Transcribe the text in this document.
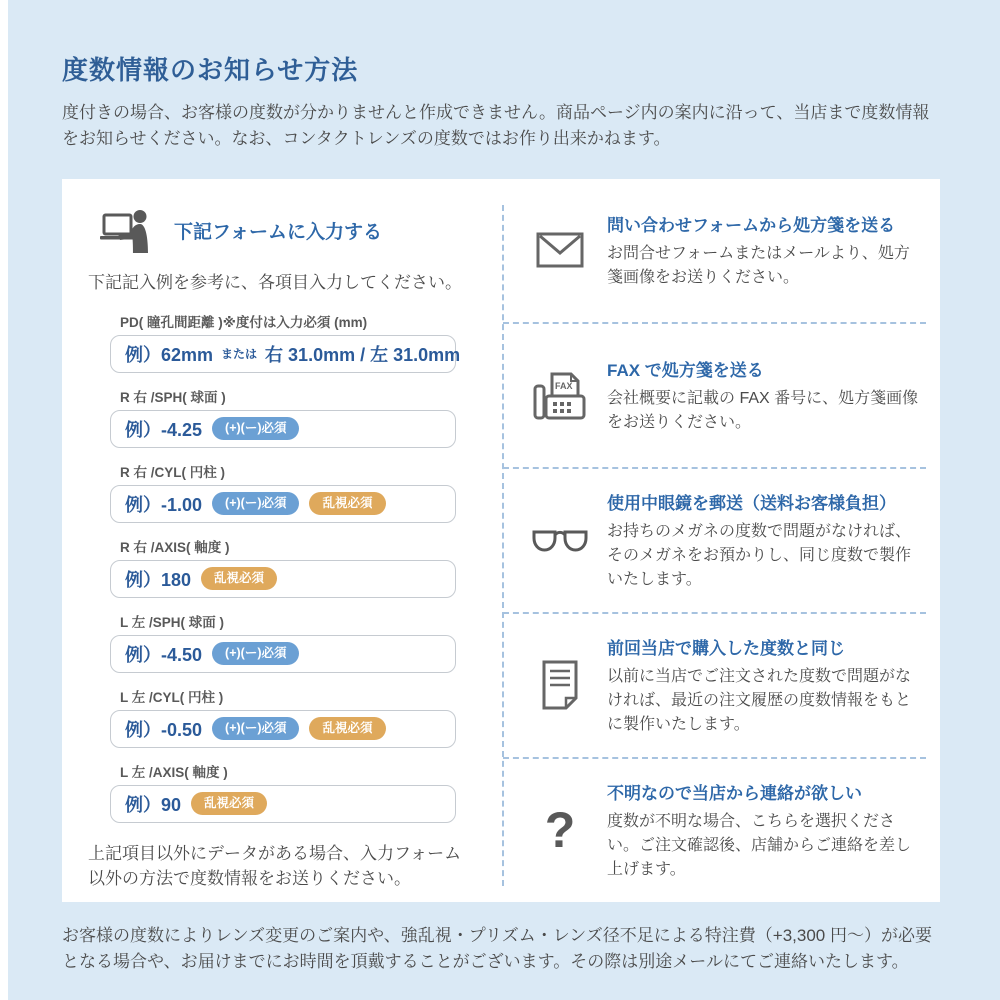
度数情報のお知らせ方法

度付きの場合、お客様の度数が分かりませんと作成できません。商品ページ内の案内に沿って、当店まで度数情報をお知らせください。なお、コンタクトレンズの度数ではお作り出来かねます。

下記フォームに入力する

下記記入例を参考に、各項目入力してください。

PD( 瞳孔間距離 )※度付は入力必須 (mm)
例）62mm または 右 31.0mm / 左 31.0mm
R 右 /SPH( 球面 )
例）-4.25	(+)(ー)必須
R 右 /CYL( 円柱 )
例）-1.00	(+)(ー)必須	乱視必須
R 右 /AXIS( 軸度 )
例）180	乱視必須
L 左 /SPH( 球面 )
例）-4.50	(+)(ー)必須
L 左 /CYL( 円柱 )
例）-0.50	(+)(ー)必須	乱視必須
L 左 /AXIS( 軸度 )
例）90	乱視必須

上記項目以外にデータがある場合、入力フォーム以外の方法で度数情報をお送りください。

問い合わせフォームから処方箋を送る
お問合せフォームまたはメールより、処方箋画像をお送りください。
FAX
FAX で処方箋を送る
会社概要に記載の FAX 番号に、処方箋画像をお送りください。
使用中眼鏡を郵送（送料お客様負担）
お持ちのメガネの度数で問題がなければ、そのメガネをお預かりし、同じ度数で製作いたします。
前回当店で購入した度数と同じ
以前に当店でご注文された度数で問題がなければ、最近の注文履歴の度数情報をもとに製作いたします。
?
不明なので当店から連絡が欲しい
度数が不明な場合、こちらを選択ください。ご注文確認後、店舗からご連絡を差し上げます。

お客様の度数によりレンズ変更のご案内や、強乱視・プリズム・レンズ径不足による特注費（+3,300 円〜）が必要となる場合や、お届けまでにお時間を頂戴することがございます。その際は別途メールにてご連絡いたします。
